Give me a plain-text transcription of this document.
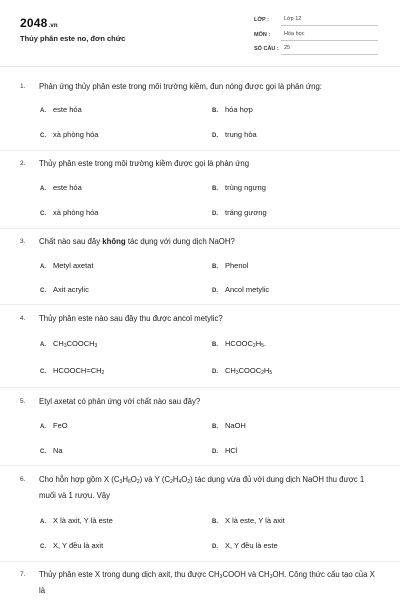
2048.vn
Thủy phân este no, đơn chức
LỚP :	Lớp 12
MÔN :	Hóa học
SỐ CÂU : 25
1. Phản ứng thủy phân este trong môi trường kiềm, đun nóng được gọi là phản ứng:
A. este hóa	B. hóa hợp
C. xà phòng hóa	D. trung hòa
2. Thủy phân este trong môi trường kiềm được gọi là phản ứng
A. este hóa	B. trùng ngưng
C. xà phòng hóa	D. tráng gương
3. Chất nào sau đây không tác dụng với dung dịch NaOH?
A. Metyl axetat	B. Phenol
C. Axit acrylic	D. Ancol metylic
4. Thủy phân este nào sau đây thu được ancol metylic?
A. $CH_3COOCH_3$	B. $HCOOC_2H_5$.
C. $HCOOCH=CH_2$	D. $CH_3COOC_2H_5$
5. Etyl axetat có phản ứng với chất nào sau đây?
A. FeO	B. NaOH
C. Na	D. HCl
6. Cho hỗn hợp gồm X $(C_3H_6O_2)$ và Y $(C_2H_4O_2)$ tác dụng vừa đủ với dung dịch NaOH thu được 1 muối và 1 rượu. Vậy
A. X là axit, Y là este	B. X là este, Y là axit
C. X, Y đều là axit	D. X, Y đều là este
7. Thủy phân este X trong dung dịch axit, thu được $CH_3COOH$ và $CH_3OH$. Công thức cấu tạo của X là
